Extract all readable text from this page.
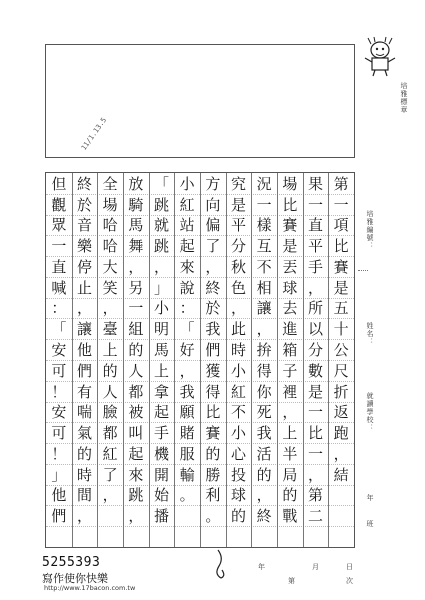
培雅標章
培雅編號：
姓名：
就讀學校：
年
班
11/1.13.5
第
一
項
比
賽
是
五
十
公
尺
折
返
跑
，
結
果
一
直
平
手
，
所
以
分
數
是
一
比
一
，
第
二
場
比
賽
是
丟
球
去
進
箱
子
裡
，
上
半
局
的
戰
況
一
樣
互
不
相
讓
，
拚
得
你
死
我
活
的
，
終
究
是
平
分
秋
色
，
此
時
小
紅
不
小
心
投
球
的
方
向
偏
了
，
終
於
我
們
獲
得
比
賽
的
勝
利
。
小
紅
站
起
來
說
：
「
好
，
我
願
賭
服
輸
。
「
跳
就
跳
，
」
小
明
馬
上
拿
起
手
機
開
始
播
放
騎
馬
舞
，
另
一
組
的
人
都
被
叫
起
來
跳
，
全
場
哈
哈
大
笑
，
臺
上
的
人
臉
都
紅
了
，
終
於
音
樂
停
止
，
讓
他
們
有
喘
氣
的
時
間
，
但
觀
眾
一
直
喊
：
「
安
可
！
安
可
！
」
他
們
年	月	日
第	次
5255393
寫作使你快樂
http://www.17bacon.com.tw
